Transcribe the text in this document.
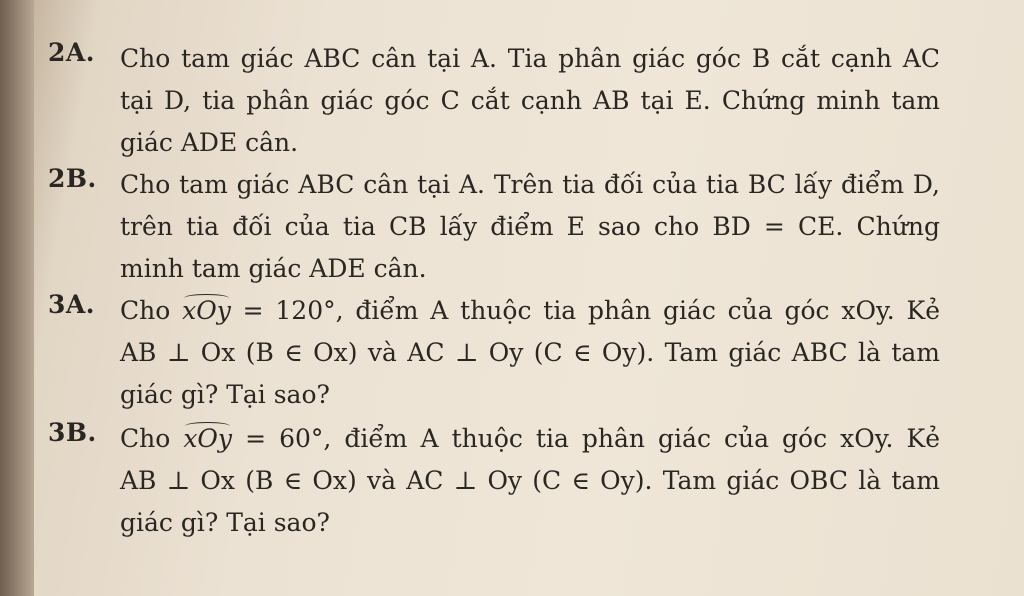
2A.	Cho tam giác ABC cân tại A. Tia phân giác góc B cắt cạnh AC
tại D, tia phân giác góc C cắt cạnh AB tại E. Chứng minh tam
giác ADE cân.
2B. Cho tam giác ABC cân tại A. Trên tia đối của tia BC lấy điểm D,
trên tia đối của tia CB lấy điểm E sao cho BD = CE. Chứng
minh tam giác ADE cân.
3A.	Cho xOy = 120°, điểm A thuộc tia phân giác của góc xOy. Kẻ
AB ⊥ Ox (B ∈ Ox) và AC ⊥ Oy (C ∈ Oy). Tam giác ABC là tam
giác gì? Tại sao?
3B. Cho xOy = 60°, điểm A thuộc tia phân giác của góc xOy. Kẻ
AB ⊥ Ox (B ∈ Ox) và AC ⊥ Oy (C ∈ Oy). Tam giác OBC là tam
giác gì? Tại sao?
